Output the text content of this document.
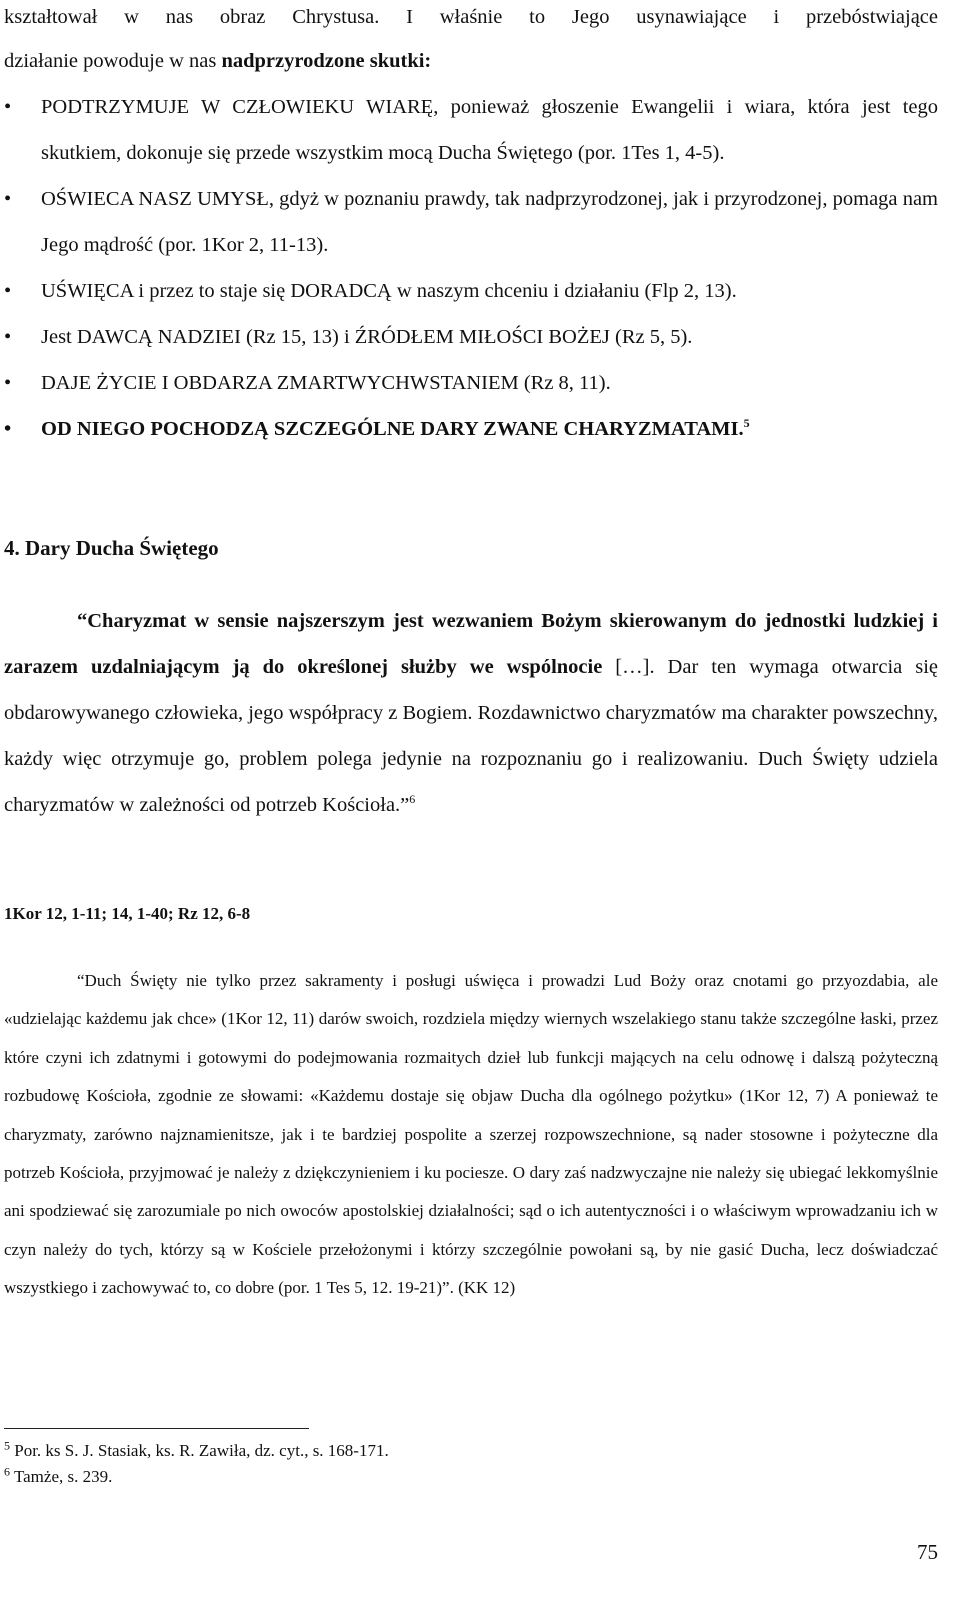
kształtował w nas obraz Chrystusa. I właśnie to Jego usynawiające i przebóstwiające
działanie powoduje w nas nadprzyrodzone skutki:
• PODTRZYMUJE W CZŁOWIEKU WIARĘ, ponieważ głoszenie Ewangelii i wiara, która jest tego skutkiem, dokonuje się przede wszystkim mocą Ducha Świętego (por. 1Tes 1, 4-5).
• OŚWIECA NASZ UMYSŁ, gdyż w poznaniu prawdy, tak nadprzyrodzonej, jak i przyrodzonej, pomaga nam Jego mądrość (por. 1Kor 2, 11-13).
• UŚWIĘCA i przez to staje się DORADCĄ w naszym chceniu i działaniu (Flp 2, 13).
• Jest DAWCĄ NADZIEI (Rz 15, 13) i ŹRÓDŁEM MIŁOŚCI BOŻEJ (Rz 5, 5).
• DAJE ŻYCIE I OBDARZA ZMARTWYCHWSTANIEM (Rz 8, 11).
• OD NIEGO POCHODZĄ SZCZEGÓLNE DARY ZWANE CHARYZMATAMI.$^5$
4. Dary Ducha Świętego

“Charyzmat w sensie najszerszym jest wezwaniem Bożym skierowanym do jednostki ludzkiej i zarazem uzdalniającym ją do określonej służby we wspólnocie […]. Dar ten wymaga otwarcia się obdarowywanego człowieka, jego współpracy z Bogiem. Rozdawnictwo charyzmatów ma charakter powszechny, każdy więc otrzymuje go, problem polega jedynie na rozpoznaniu go i realizowaniu. Duch Święty udziela charyzmatów w zależności od potrzeb Kościoła.”$^6$

1Kor 12, 1-11; 14, 1-40; Rz 12, 6-8

“Duch Święty nie tylko przez sakramenty i posługi uświęca i prowadzi Lud Boży oraz cnotami go przyozdabia, ale «udzielając każdemu jak chce» (1Kor 12, 11) darów swoich, rozdziela między wiernych wszelakiego stanu także szczególne łaski, przez które czyni ich zdatnymi i gotowymi do podejmowania rozmaitych dzieł lub funkcji mających na celu odnowę i dalszą pożyteczną rozbudowę Kościoła, zgodnie ze słowami: «Każdemu dostaje się objaw Ducha dla ogólnego pożytku» (1Kor 12, 7) A ponieważ te charyzmaty, zarówno najznamienitsze, jak i te bardziej pospolite a szerzej rozpowszechnione, są nader stosowne i pożyteczne dla potrzeb Kościoła, przyjmować je należy z dziękczynieniem i ku pociesze. O dary zaś nadzwyczajne nie należy się ubiegać lekkomyślnie ani spodziewać się zarozumiale po nich owoców apostolskiej działalności; sąd o ich autentyczności i o właściwym wprowadzaniu ich w czyn należy do tych, którzy są w Kościele przełożonymi i którzy szczególnie powołani są, by nie gasić Ducha, lecz doświadczać wszystkiego i zachowywać to, co dobre (por. 1 Tes 5, 12. 19-21)”. (KK 12)

$^5$ Por. ks S. J. Stasiak, ks. R. Zawiła, dz. cyt., s. 168-171.
$^6$ Tamże, s. 239.
75
